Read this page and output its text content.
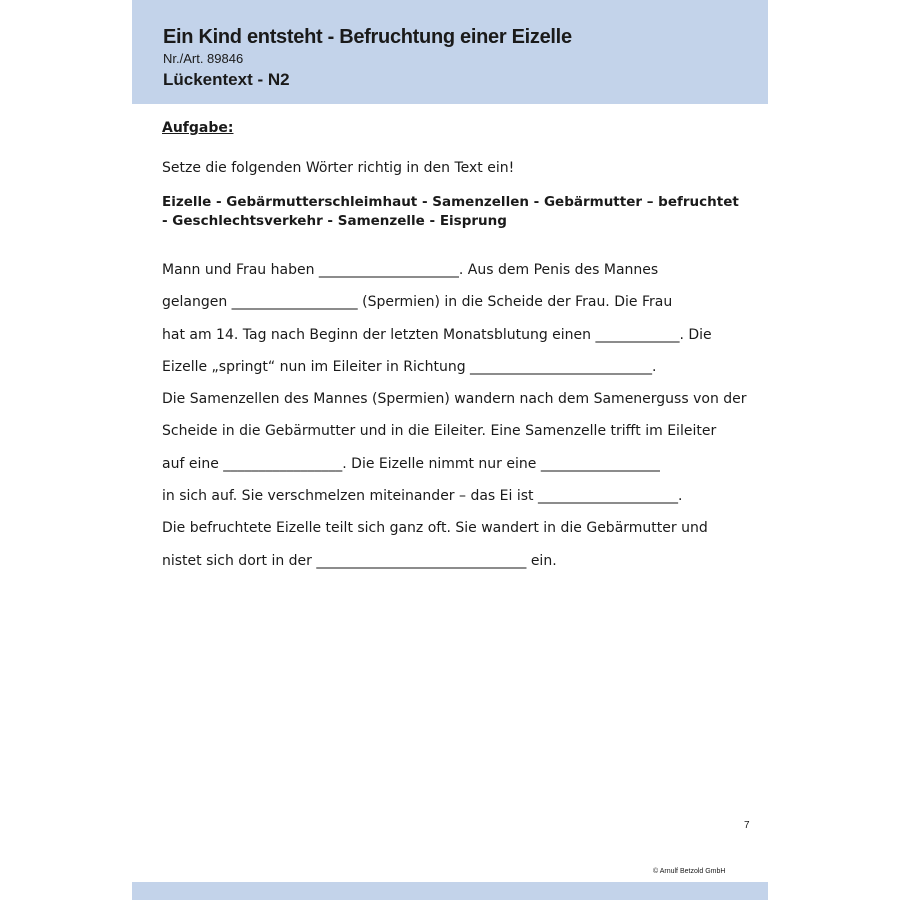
Ein Kind entsteht - Befruchtung einer Eizelle
Nr./Art. 89846
Lückentext - N2
Aufgabe:
Setze die folgenden Wörter richtig in den Text ein!
Eizelle - Gebärmutterschleimhaut - Samenzellen - Gebärmutter – befruchtet - Geschlechtsverkehr - Samenzelle - Eisprung
Mann und Frau haben ____________________. Aus dem Penis des Mannes
gelangen __________________ (Spermien) in die Scheide der Frau. Die Frau
hat am 14. Tag nach Beginn der letzten Monatsblutung einen ____________. Die
Eizelle „springt“ nun im Eileiter in Richtung __________________________.
Die Samenzellen des Mannes (Spermien) wandern nach dem Samenerguss von der
Scheide in die Gebärmutter und in die Eileiter. Eine Samenzelle trifft im Eileiter
auf eine _________________. Die Eizelle nimmt nur eine _________________
in sich auf. Sie verschmelzen miteinander – das Ei ist ____________________.
Die befruchtete Eizelle teilt sich ganz oft. Sie wandert in die Gebärmutter und
nistet sich dort in der ______________________________ ein.
7
© Arnulf Betzold GmbH
